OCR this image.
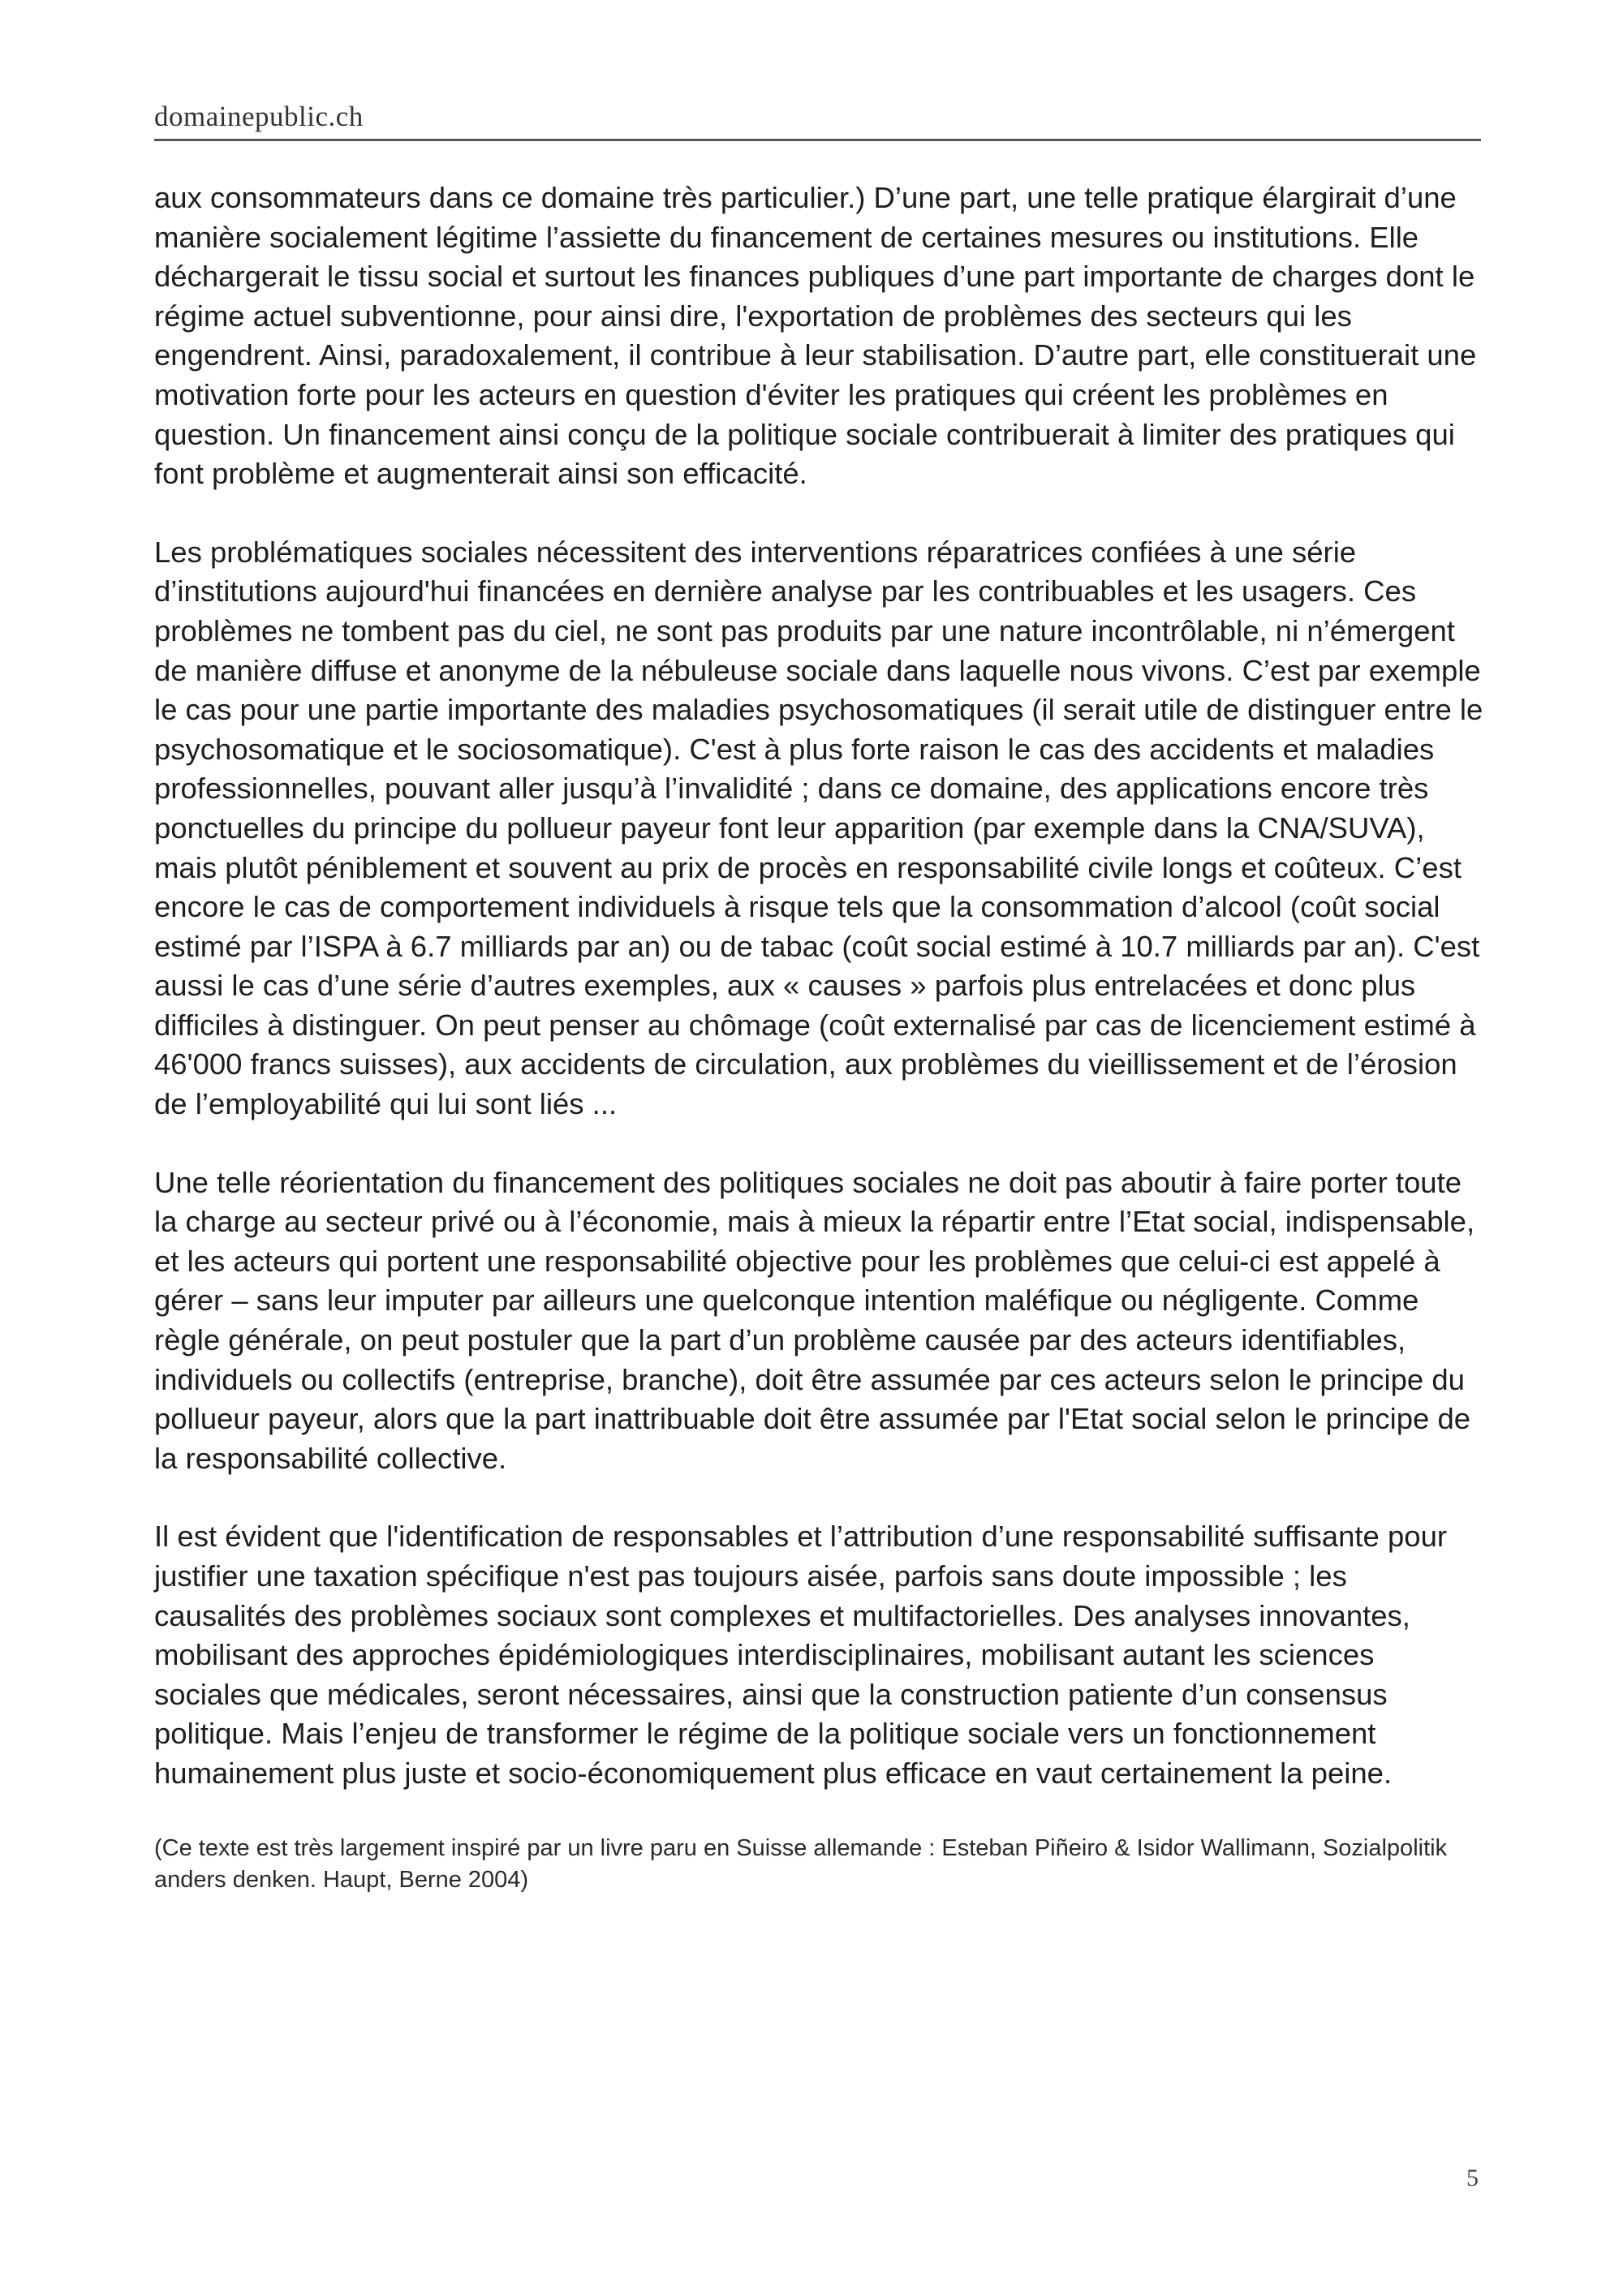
domainepublic.ch

aux consommateurs dans ce domaine très particulier.) D’une part, une telle pratique élargirait d’une manière socialement légitime l’assiette du financement de certaines mesures ou institutions. Elle déchargerait le tissu social et surtout les finances publiques d’une part importante de charges dont le régime actuel subventionne, pour ainsi dire, l'exportation de problèmes des secteurs qui les engendrent. Ainsi, paradoxalement, il contribue à leur stabilisation. D’autre part, elle constituerait une motivation forte pour les acteurs en question d'éviter les pratiques qui créent les problèmes en question. Un financement ainsi conçu de la politique sociale contribuerait à limiter des pratiques qui font problème et augmenterait ainsi son efficacité.

Les problématiques sociales nécessitent des interventions réparatrices confiées à une série d’institutions aujourd'hui financées en dernière analyse par les contribuables et les usagers. Ces problèmes ne tombent pas du ciel, ne sont pas produits par une nature incontrôlable, ni n’émergent de manière diffuse et anonyme de la nébuleuse sociale dans laquelle nous vivons. C’est par exemple le cas pour une partie importante des maladies psychosomatiques (il serait utile de distinguer entre le psychosomatique et le sociosomatique). C'est à plus forte raison le cas des accidents et maladies professionnelles, pouvant aller jusqu’à l’invalidité ; dans ce domaine, des applications encore très ponctuelles du principe du pollueur payeur font leur apparition (par exemple dans la CNA/SUVA), mais plutôt péniblement et souvent au prix de procès en responsabilité civile longs et coûteux. C’est encore le cas de comportement individuels à risque tels que la consommation d’alcool (coût social estimé par l’ISPA à 6.7 milliards par an) ou de tabac (coût social estimé à 10.7 milliards par an). C'est aussi le cas d’une série d’autres exemples, aux « causes » parfois plus entrelacées et donc plus difficiles à distinguer. On peut penser au chômage (coût externalisé par cas de licenciement estimé à 46'000 francs suisses), aux accidents de circulation, aux problèmes du vieillissement et de l’érosion de l’employabilité qui lui sont liés ...

Une telle réorientation du financement des politiques sociales ne doit pas aboutir à faire porter toute la charge au secteur privé ou à l’économie, mais à mieux la répartir entre l’Etat social, indispensable, et les acteurs qui portent une responsabilité objective pour les problèmes que celui-ci est appelé à gérer – sans leur imputer par ailleurs une quelconque intention maléfique ou négligente. Comme règle générale, on peut postuler que la part d’un problème causée par des acteurs identifiables, individuels ou collectifs (entreprise, branche), doit être assumée par ces acteurs selon le principe du pollueur payeur, alors que la part inattribuable doit être assumée par l'Etat social selon le principe de la responsabilité collective.

Il est évident que l'identification de responsables et l’attribution d’une responsabilité suffisante pour justifier une taxation spécifique n'est pas toujours aisée, parfois sans doute impossible ; les causalités des problèmes sociaux sont complexes et multifactorielles. Des analyses innovantes, mobilisant des approches épidémiologiques interdisciplinaires, mobilisant autant les sciences sociales que médicales, seront nécessaires, ainsi que la construction patiente d’un consensus politique. Mais l’enjeu de transformer le régime de la politique sociale vers un fonctionnement humainement plus juste et socio-économiquement plus efficace en vaut certainement la peine.

(Ce texte est très largement inspiré par un livre paru en Suisse allemande : Esteban Piñeiro & Isidor Wallimann, Sozialpolitik anders denken. Haupt, Berne 2004)

5
